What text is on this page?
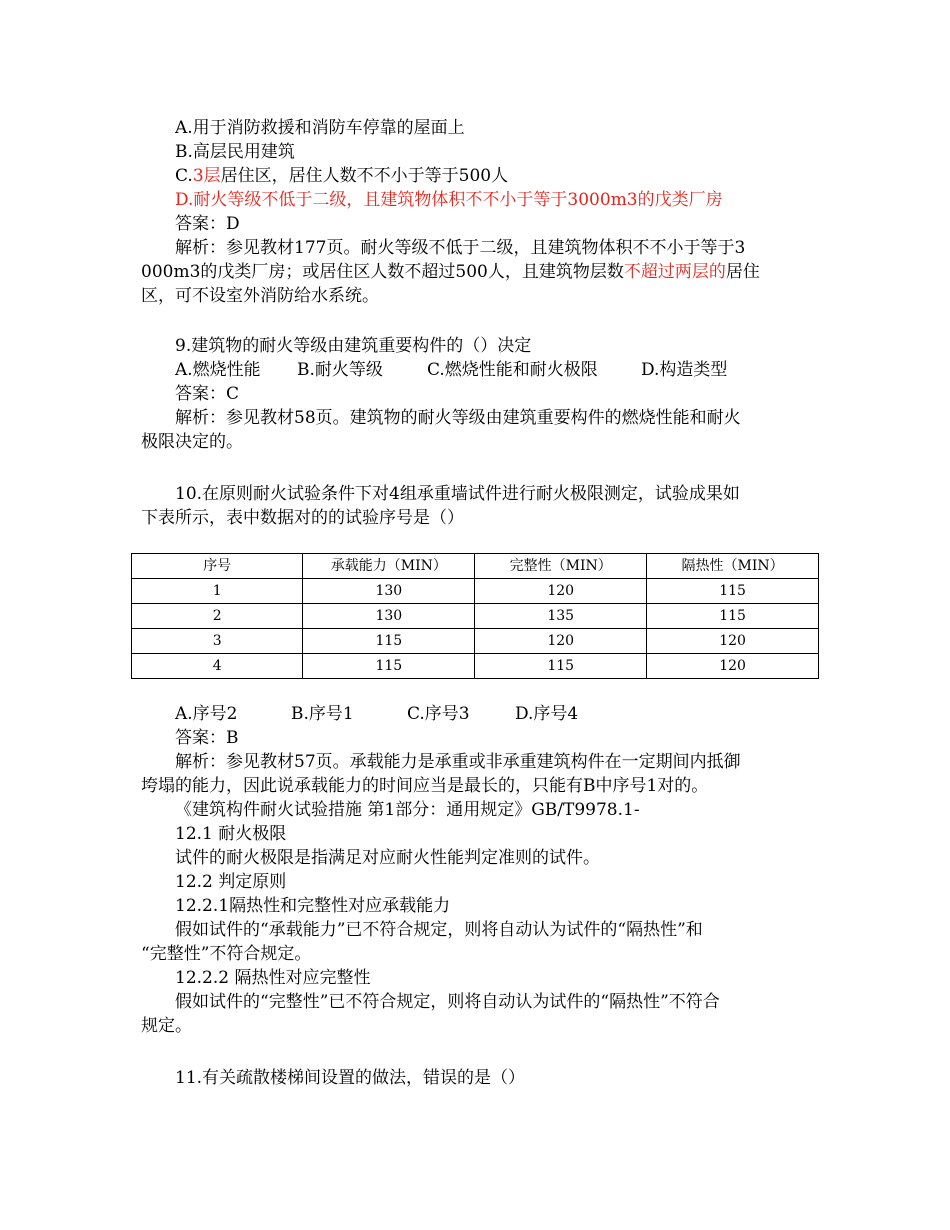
A.用于消防救援和消防车停靠的屋面上
B.高层民用建筑
C.3层居住区，居住人数不不小于等于500人
D.耐火等级不低于二级，且建筑物体积不不小于等于3000m3的戊类厂房
答案：D
解析：参见教材177页。耐火等级不低于二级，且建筑物体积不不小于等于3
000m3的戊类厂房；或居住区人数不超过500人，且建筑物层数不超过两层的居住
区，可不设室外消防给水系统。
9.建筑物的耐火等级由建筑重要构件的（）决定
A.燃烧性能 B.耐火等级	C.燃烧性能和耐火极限	D.构造类型
答案：C
解析：参见教材58页。建筑物的耐火等级由建筑重要构件的燃烧性能和耐火
极限决定的。
10.在原则耐火试验条件下对4组承重墙试件进行耐火极限测定，试验成果如
下表所示，表中数据对的的试验序号是（）
序号	承载能力（MIN）	完整性（MIN）	隔热性（MIN）
1	130	120	115
2	130	135	115
3	115	120	120
4	115	115	120
A.序号2	B.序号1	C.序号3	D.序号4
答案：B
解析：参见教材57页。承载能力是承重或非承重建筑构件在一定期间内抵御
垮塌的能力，因此说承载能力的时间应当是最长的，只能有B中序号1对的。
《建筑构件耐火试验措施 第1部分：通用规定》GB/T9978.1-
12.1 耐火极限
试件的耐火极限是指满足对应耐火性能判定准则的试件。
12.2 判定原则
12.2.1隔热性和完整性对应承载能力
假如试件的“承载能力”已不符合规定，则将自动认为试件的“隔热性”和
“完整性”不符合规定。
12.2.2 隔热性对应完整性
假如试件的“完整性”已不符合规定，则将自动认为试件的“隔热性”不符合
规定。
11.有关疏散楼梯间设置的做法，错误的是（）
